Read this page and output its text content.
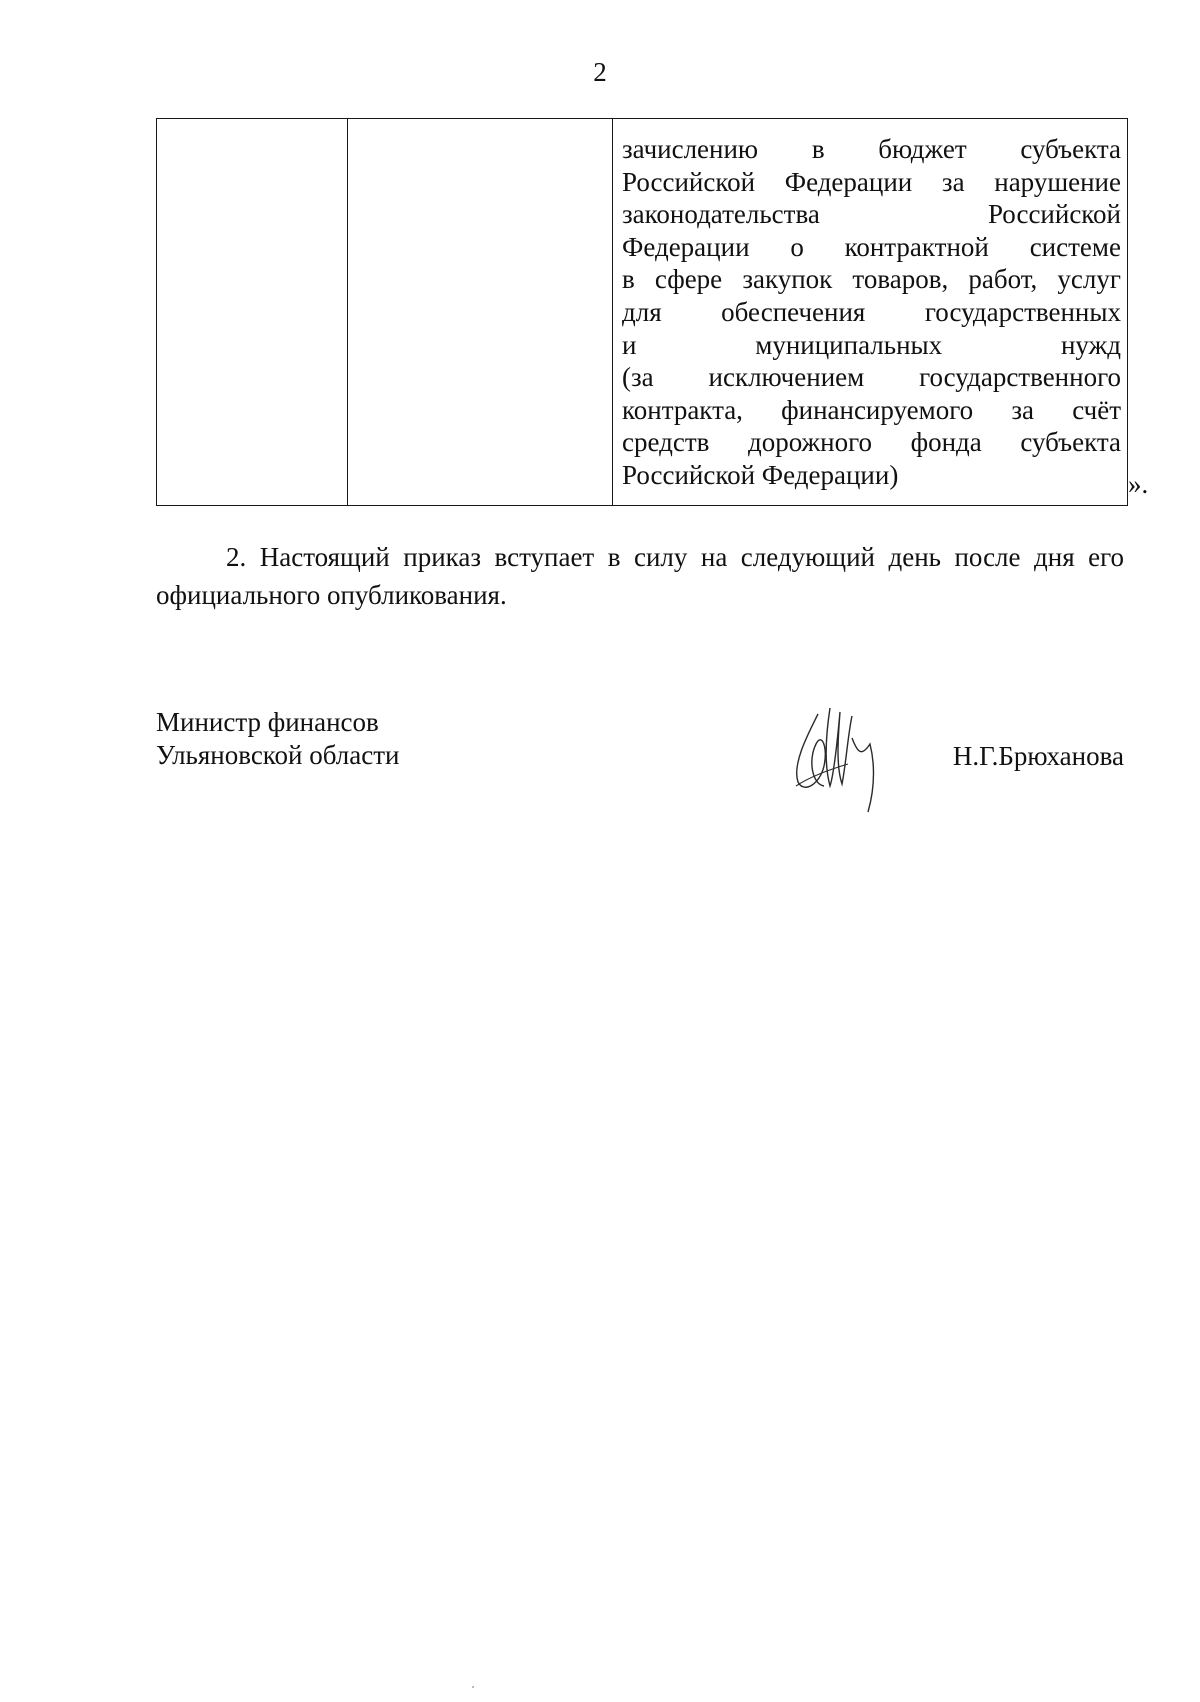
2

зачислению в бюджет субъекта
Российской Федерации за нарушение
законодательства	Российской
Федерации о контрактной системе
в сфере закупок товаров, работ, услуг
для обеспечения государственных
и	муниципальных	нужд
(за исключением государственного
контракта, финансируемого за счёт
средств дорожного фонда субъекта
Российской Федерации)	».
2. Настоящий приказ вступает в силу на следующий день после дня его
официального опубликования.
Министр финансов
Ульяновской области	Н.Г.Брюханова
